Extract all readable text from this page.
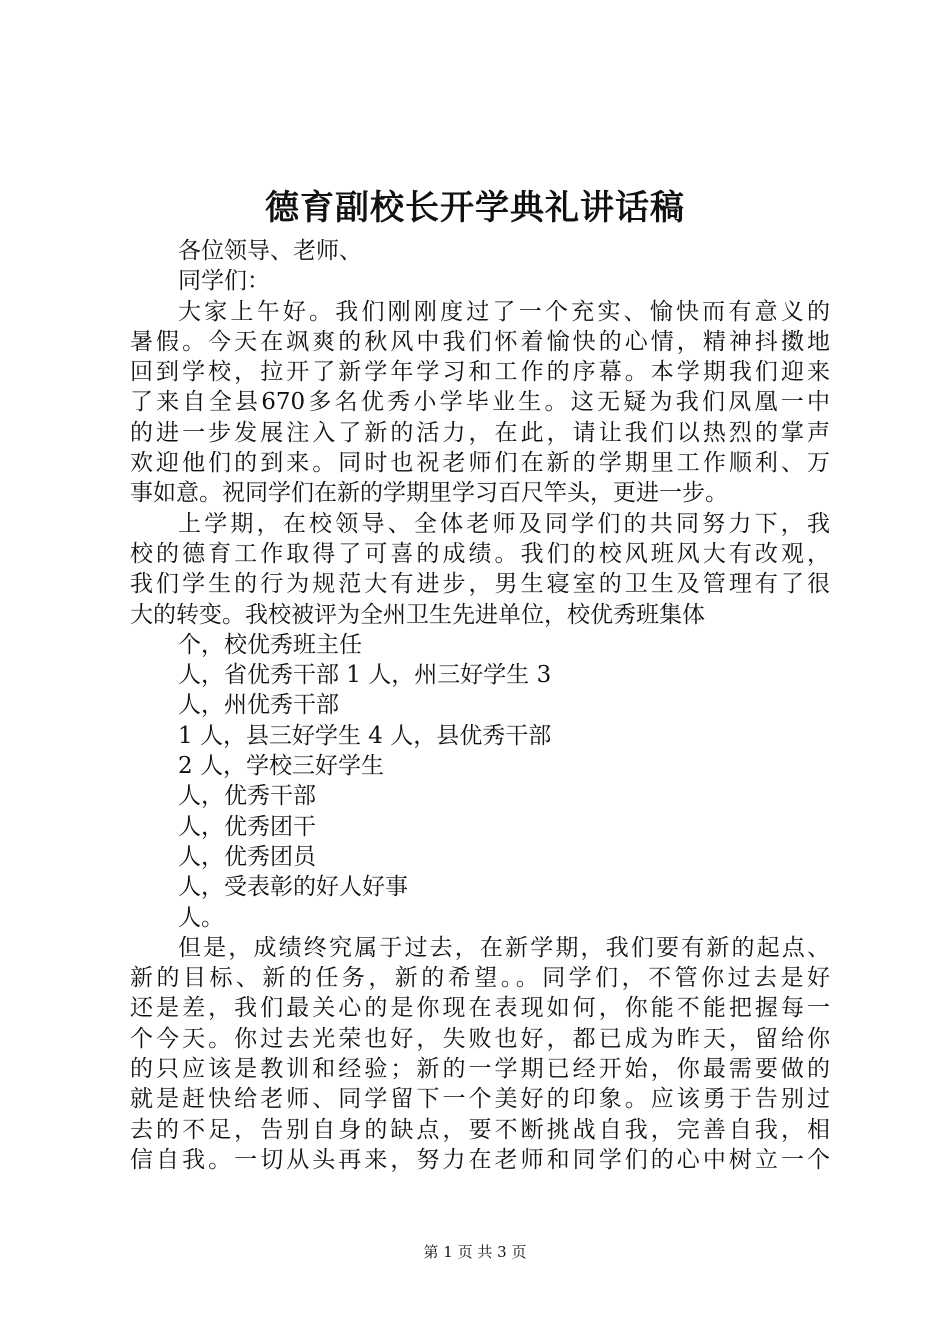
德育副校长开学典礼讲话稿
各位领导、老师、
同学们：
大家上午好。我们刚刚度过了一个充实、愉快而有意义的
暑假。今天在飒爽的秋风中我们怀着愉快的心情，精神抖擞地
回到学校，拉开了新学年学习和工作的序幕。本学期我们迎来
了来自全县670多名优秀小学毕业生。这无疑为我们凤凰一中
的进一步发展注入了新的活力，在此，请让我们以热烈的掌声
欢迎他们的到来。同时也祝老师们在新的学期里工作顺利、万
事如意。祝同学们在新的学期里学习百尺竿头，更进一步。
上学期，在校领导、全体老师及同学们的共同努力下，我
校的德育工作取得了可喜的成绩。我们的校风班风大有改观，
我们学生的行为规范大有进步，男生寝室的卫生及管理有了很
大的转变。我校被评为全州卫生先进单位，校优秀班集体
个，校优秀班主任
人，省优秀干部 1 人，州三好学生 3
人，州优秀干部
1 人，县三好学生 4 人，县优秀干部
2 人，学校三好学生
人，优秀干部
人，优秀团干
人，优秀团员
人，受表彰的好人好事
人。
但是，成绩终究属于过去，在新学期，我们要有新的起点、
新的目标、新的任务，新的希望。。同学们，不管你过去是好
还是差，我们最关心的是你现在表现如何，你能不能把握每一
个今天。你过去光荣也好，失败也好，都已成为昨天，留给你
的只应该是教训和经验；新的一学期已经开始，你最需要做的
就是赶快给老师、同学留下一个美好的印象。应该勇于告别过
去的不足，告别自身的缺点，要不断挑战自我，完善自我，相
信自我。一切从头再来，努力在老师和同学们的心中树立一个
第 1 页 共 3 页
